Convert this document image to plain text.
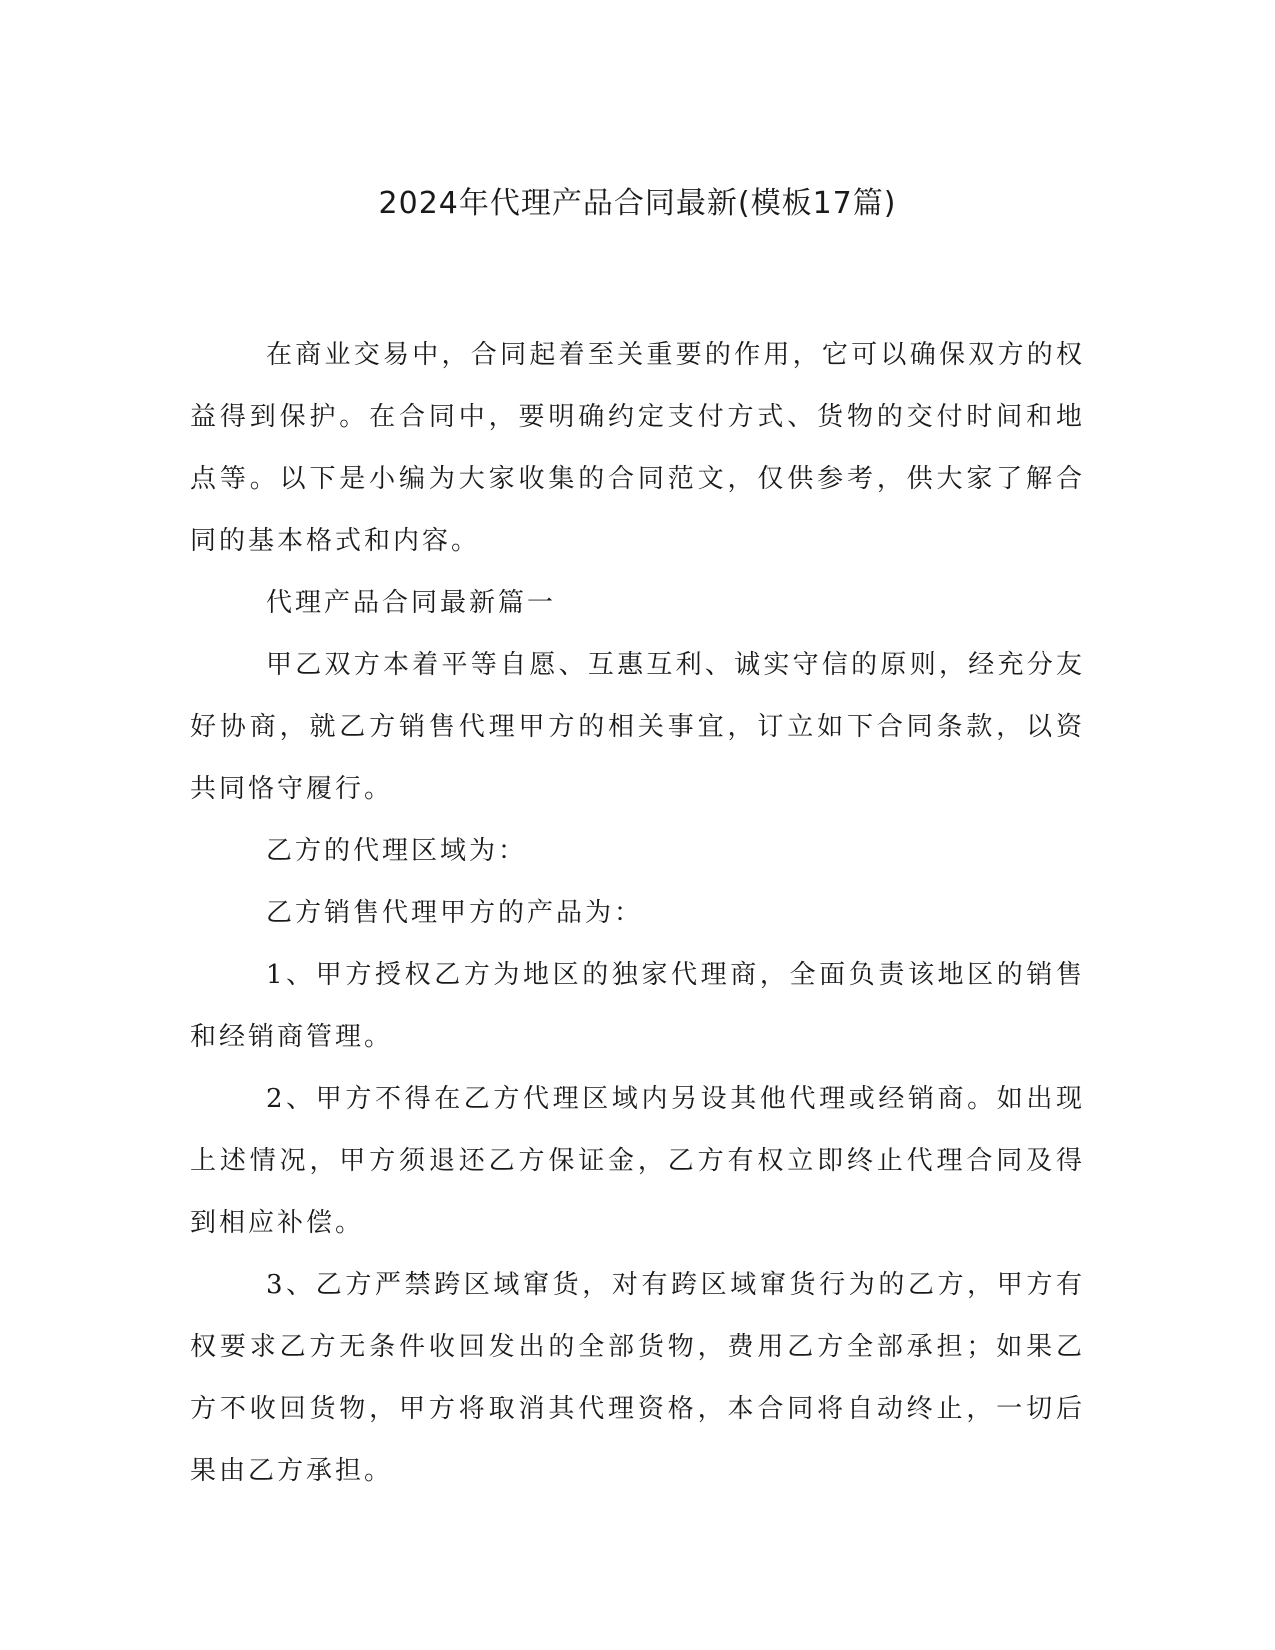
2024年代理产品合同最新(模板17篇)

在商业交易中，合同起着至关重要的作用，它可以确保双方的权益得到保护。在合同中，要明确约定支付方式、货物的交付时间和地点等。以下是小编为大家收集的合同范文，仅供参考，供大家了解合同的基本格式和内容。

代理产品合同最新篇一

甲乙双方本着平等自愿、互惠互利、诚实守信的原则，经充分友好协商，就乙方销售代理甲方的相关事宜，订立如下合同条款，以资共同恪守履行。

乙方的代理区域为：

乙方销售代理甲方的产品为：

1、甲方授权乙方为地区的独家代理商，全面负责该地区的销售和经销商管理。

2、甲方不得在乙方代理区域内另设其他代理或经销商。如出现上述情况，甲方须退还乙方保证金，乙方有权立即终止代理合同及得到相应补偿。

3、乙方严禁跨区域窜货，对有跨区域窜货行为的乙方，甲方有权要求乙方无条件收回发出的全部货物，费用乙方全部承担；如果乙方不收回货物，甲方将取消其代理资格，本合同将自动终止，一切后果由乙方承担。
